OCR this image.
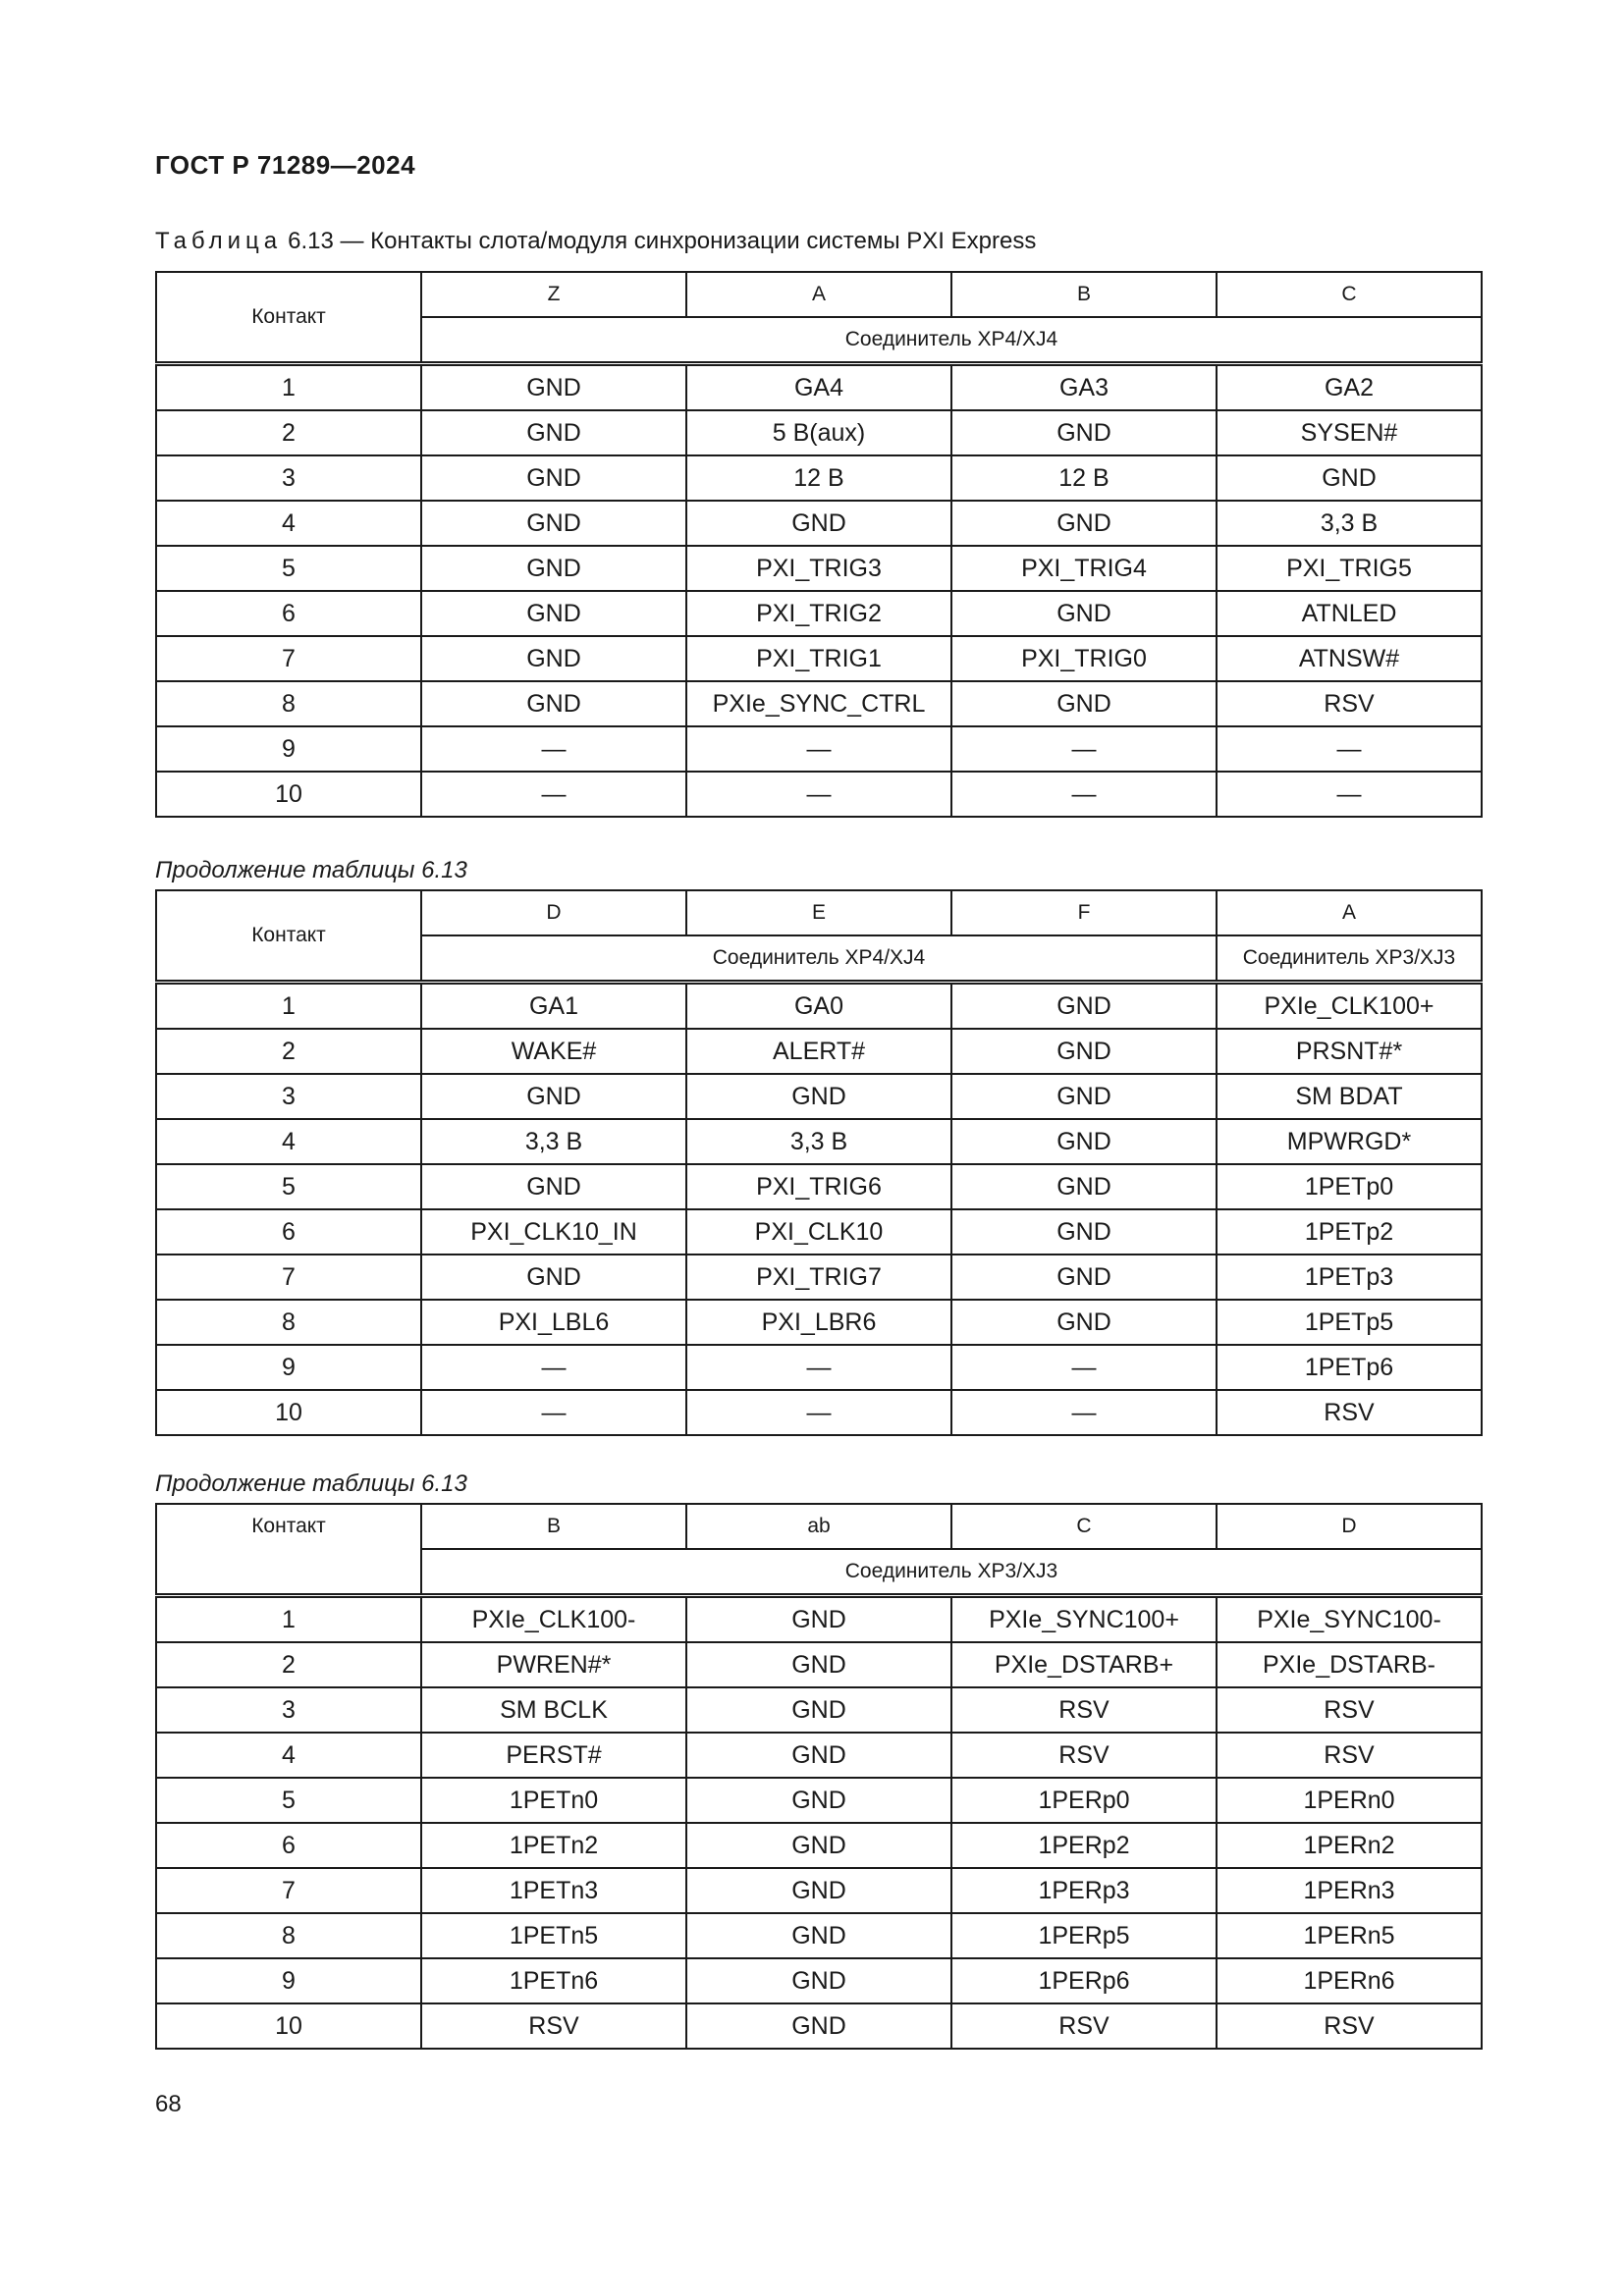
ГОСТ Р 71289—2024
Таблица 6.13 — Контакты слота/модуля синхронизации системы PXI Express
Контакт	Z	A	B	C
	Соединитель XP4/XJ4			
1	GND	GA4	GA3	GA2
2	GND	5 В(aux)	GND	SYSEN#
3	GND	12 В	12 В	GND
4	GND	GND	GND	3,3 В
5	GND	PXI_TRIG3	PXI_TRIG4	PXI_TRIG5
6	GND	PXI_TRIG2	GND	ATNLED
7	GND	PXI_TRIG1	PXI_TRIG0	ATNSW#
8	GND	PXIe_SYNC_CTRL	GND	RSV
9	—	—	—	—
10	—	—	—	—
Продолжение таблицы 6.13
Контакт	D	E	F	A
	Соединитель XP4/XJ4			Соединитель XP3/XJ3
1	GA1	GA0	GND	PXIe_CLK100+
2	WAKE#	ALERT#	GND	PRSNT#*
3	GND	GND	GND	SM BDAT
4	3,3 В	3,3 В	GND	MPWRGD*
5	GND	PXI_TRIG6	GND	1PETp0
6	PXI_CLK10_IN	PXI_CLK10	GND	1PETp2
7	GND	PXI_TRIG7	GND	1PETp3
8	PXI_LBL6	PXI_LBR6	GND	1PETp5
9	—	—	—	1PETp6
10	—	—	—	RSV
Продолжение таблицы 6.13
Контакт	B	ab	C	D
	Соединитель XP3/XJ3			
1	PXIe_CLK100-	GND	PXIe_SYNC100+	PXIe_SYNC100-
2	PWREN#*	GND	PXIe_DSTARB+	PXIe_DSTARB-
3	SM BCLK	GND	RSV	RSV
4	PERST#	GND	RSV	RSV
5	1PETn0	GND	1PERp0	1PERn0
6	1PETn2	GND	1PERp2	1PERn2
7	1PETn3	GND	1PERp3	1PERn3
8	1PETn5	GND	1PERp5	1PERn5
9	1PETn6	GND	1PERp6	1PERn6
10	RSV	GND	RSV	RSV
68
